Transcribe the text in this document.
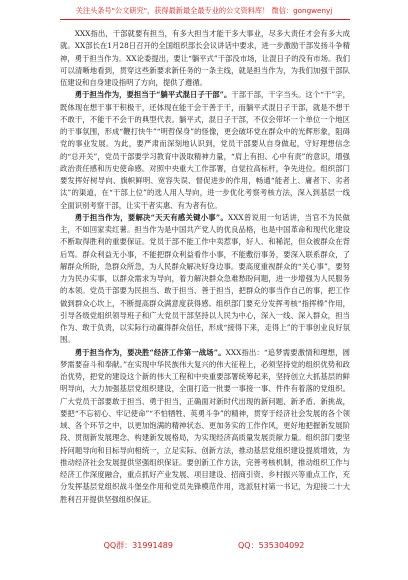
关注头条号"公文研究"，获得最新最全最专业的公文资料库！ 微信：gongwenyj

XXX指出，干部就要有担当，有多大担当才能干多大事业，尽多大责任才会有多大成就。XX部长在1月28日召开的全国组织部长会议讲话中要求，进一步激励干部发扬斗争精神，勇于担当作为。XX论委提出，要让“躺平式”干部没市场，让混日子的没有市场。我们可以清晰地看到，贯穿这些新要求新任务的一条主线，就是担当作为，为我们加强干部队伍建设和自身建设指明了方向，提供了遵循。

勇于担当作为，要担当于“躺平式混日子干部”。干部干部，干字当头。这个“干”字，既体现在想干事干积极干，还体现在能干会干善于干，而躺平式混日子干部，就是不想干不敢干，不能干不会干的典型代表。躺平式，混日子干部，不仅会带坏一个单位一个地区的干事氛围，形成“鞭打快牛”“明哲保身”的怪像，更会破坏党在群众中的光辉形象，阻碍党的事业发展。为此，要严肃而深刻地认识到，党员干部要从自身做起，守好理想信念的“总开关”，党员干部要学习教育中汲取精神力量，“肩上有担、心中有责”的意识，增强政治责任感和历史使命感。对照中央重大工作部署，自觉拉高标杆，争先进位。组织部门要发挥好树导向、旗帜鲜明、宽容失误、督促进步的作用，畅通“能者上、庸者下、劣者汰”的渠道，在“干部上位”的选人用人导向，进一步优化考察考核方法，深入到基层一线全面识别考察干部，让实干者实惠、有为者有位。

勇于担当作为，要解决“天天有感关键小事”。XXX曾说用一句话讲，当官不为民做主，不如回家卖红薯。担当作为是中国共产党人的优良品格，也是中国革命和现代化建设不断取得胜利的重要保证。党员干部不能工作中卖惹事，好人、和稀泥，但众被群众在背后骂。群众利益无小事，不能把群众利益看作小事，不能敷衍事务，要深入联系群众，了解群众所盼，急群众所急，为人民群众解决好身边事。要高度重视群众的“关心事”，要努力为民办实事，以群众需求为导向，着力解决群众急难愁盼问题，进一步增强为人民服务的本领。党员干部要为民担当、敢于担当、善于担当，把群众的事当作自己的事，把工作做到群众心坎上，不断提高群众满意度获得感。组织部门要充分发挥考核“指挥棒”作用，引导各级党组织领导班子和广大党员干部坚持以人民为中心，深入一线、深入群众，担当作为、敢于负责，以实际行动赢得群众信任，形成“接得下来，走得上”的干事创业良好氛围。

勇于担当作为，要决胜“经济工作第一战场”。XXX指出：“追梦需要激情和理想，圆梦需要奋斗和奉献。”在实现中华民族伟大复兴的伟大征程上，必须坚持党的组织优势和政治优势，把党的建设这个新的伟大工程和中央重要部署统筹起来，坚持创立大抓基层的鲜明导向，大力加强基层党组织建设，全面打造一批要一事接一事、件件有着落的党组织。广大党员干部要敢于担当、勇于担当，正确面对新时代出现的新问题、新矛盾、新挑战，要把“不忘初心、牢记使命”“不怕牺牲、英勇斗争”的精神，贯穿于经济社会发展的各个领域、各个环节之中，以更加饱满的精神状态、更加务实的工作作风，更好地把握新发展阶段、贯彻新发展理念、构建新发展格局，为实现经济高质量发展贡献力量。组织部门要坚持问题导向和目标导向相统一，立足实际、创新方法，推动基层党组织建设提质增效，为推动经济社会发展提供坚强组织保证。要创新工作方法，完善考核机制，推动组织工作与经济工作深度融合，重点抓好产业发展、项目建设、招商引资、乡村振兴等重点工作，充分发挥基层党组织战斗堡垒作用和党员先锋模范作用，选派驻村第一书记，为迎接二十大胜利召开提供坚强组织保证。

QQ群：31991489	QQ：535304092
